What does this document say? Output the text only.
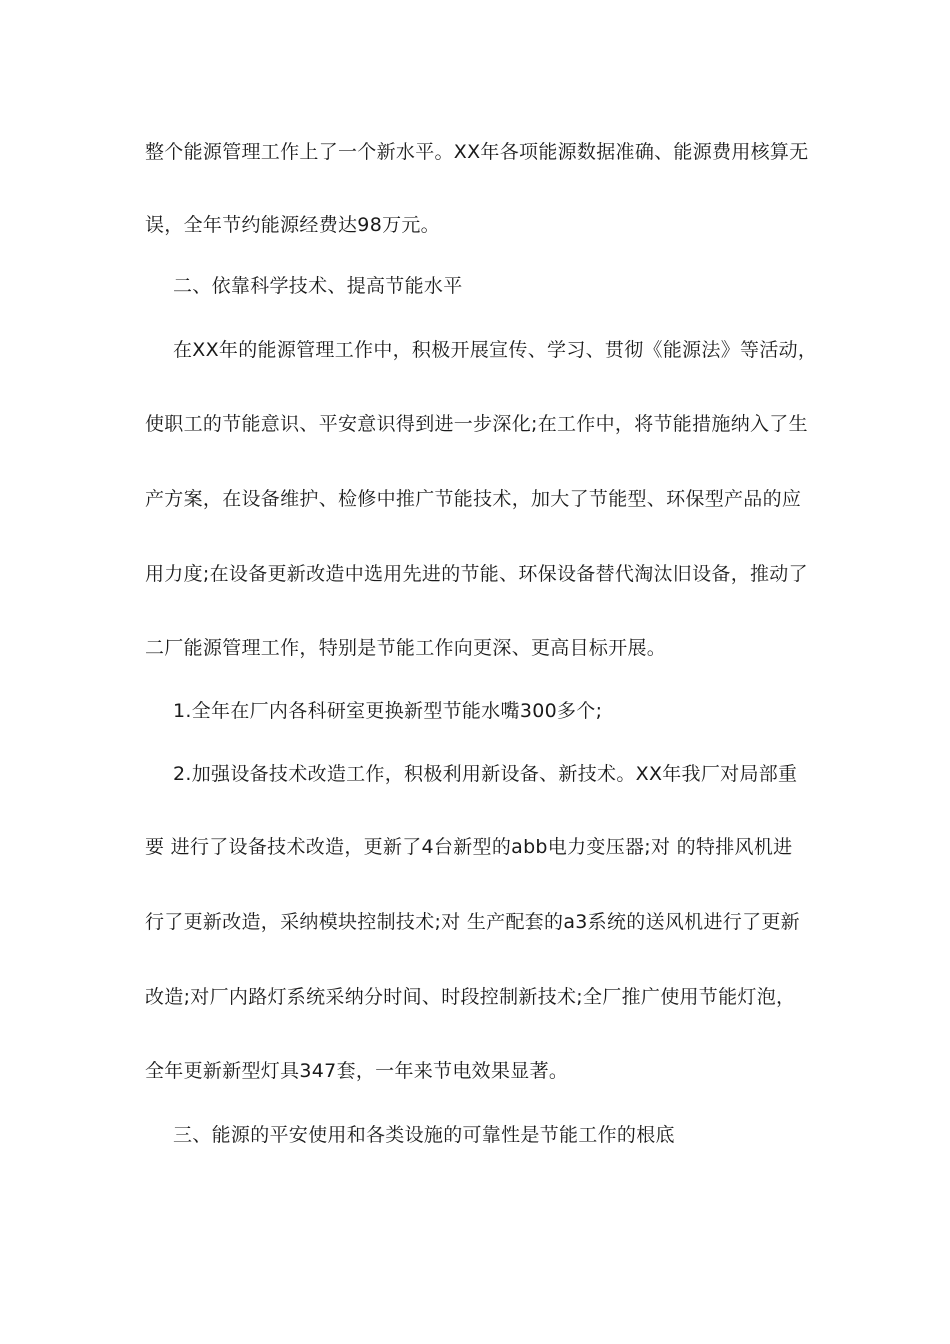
整个能源管理工作上了一个新水平。XX年各项能源数据准确、能源费用核算无
误，全年节约能源经费达98万元。
二、依靠科学技术、提高节能水平
在XX年的能源管理工作中，积极开展宣传、学习、贯彻《能源法》等活动，
使职工的节能意识、平安意识得到进一步深化;在工作中，将节能措施纳入了生
产方案，在设备维护、检修中推广节能技术，加大了节能型、环保型产品的应
用力度;在设备更新改造中选用先进的节能、环保设备替代淘汰旧设备，推动了
二厂能源管理工作，特别是节能工作向更深、更高目标开展。
1.全年在厂内各科研室更换新型节能水嘴300多个;
2.加强设备技术改造工作，积极利用新设备、新技术。XX年我厂对局部重
要 进行了设备技术改造，更新了4台新型的abb电力变压器;对 的特排风机进
行了更新改造，采纳模块控制技术;对 生产配套的a3系统的送风机进行了更新
改造;对厂内路灯系统采纳分时间、时段控制新技术;全厂推广使用节能灯泡，
全年更新新型灯具347套，一年来节电效果显著。
三、能源的平安使用和各类设施的可靠性是节能工作的根底
